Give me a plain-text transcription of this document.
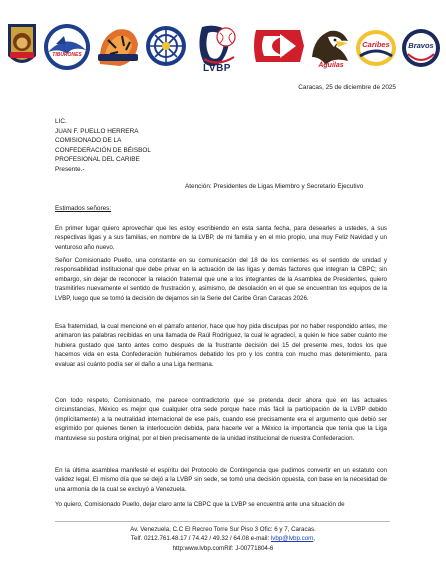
TIBURONES
LVBP	Águilas
Caribes	Bravos
Caracas, 25 de diciembre de 2025
LIC.
JUAN F. PUELLO HERRERA
COMISIONADO DE LA
CONFEDERACIÓN DE BÉISBOL
PROFESIONAL DEL CARIBE
Presente.-
Atención: Presidentes de Ligas Miembro y Secretario Ejecutivo
Estimados señores:

En primer lugar quiero aprovechar que les estoy escribiendo en esta santa fecha, para desearles a ustedes, a sus respectivas ligas y a sus familias, en nombre de la LVBP, de mi familia y en el mío propio, una muy Feliz Navidad y un venturoso año nuevo.

Señor Comisionado Puello, una constante en su comunicación del 18 de los corrientes es el sentido de unidad y responsabilidad institucional que debe privar en la actuación de las ligas y demás factores que integran la CBPC; sin embargo, sin dejar de reconocer la relación fraternal que une a los integrantes de la Asamblea de Presidentes, quiero trasmitirles nuevamente el sentido de frustración y, asimismo, de desolación en el que se encuentran los equipos de la LVBP, luego que se tomó la decisión de dejarnos sin la Serie del Caribe Gran Caracas 2026.

Esa fraternidad, la cual mencioné en el párrafo anterior, hace que hoy pida disculpas por no haber respondido antes, me animaron las palabras recibidas en una llamada de Raúl Rodríguez, la cual le agradecí, a quién le hice saber cuánto me hubiera gustado que tanto antes como después de la frustrante decisión del 15 del presente mes, todos los que hacemos vida en esta Confederación hubiéramos debatido los pro y los contra con mucho mas detenimiento, para evaluar así cuánto podía ser el daño a una Liga hermana.

Con todo respeto, Comisionado, me parece contradictorio que se pretenda decir ahora que en las actuales circunstancias, México es mejor que cualquier otra sede porque hace más fácil la participación de la LVBP debido (implícitamente) a la neutralidad internacional de ese país, cuando ese precisamente era el argumento que debió ser esgrimido por quienes tienen la interlocución debida, para hacerle ver a México la importancia que tenía que la Liga mantuviese su postura original, por el bien precisamente de la unidad institucional de nuestra Confederacion.

En la última asamblea manifesté el espíritu del Protocolo de Contingencia que pudimos convertir en un estatuto con validez legal. El mismo día que se dejó a la LVBP sin sede, se tomó una decisión opuesta, con base en la necesidad de una armonía de la cual se excluyó a Venezuela.

Yo quiero, Comisionado Puello, dejar claro ante la CBPC que la LVBP se encuentra ante una situación de

Av. Venezuela, C.C El Recreo Torre Sur Piso 3 Ofic: 6 y 7, Caracas.
Telf. 0212.761.48.17 / 74.42 / 49.32 / 64.08 e-mail: lvbp@lvbp.com,
http:www.lvbp.comRif: J-00771804-6
